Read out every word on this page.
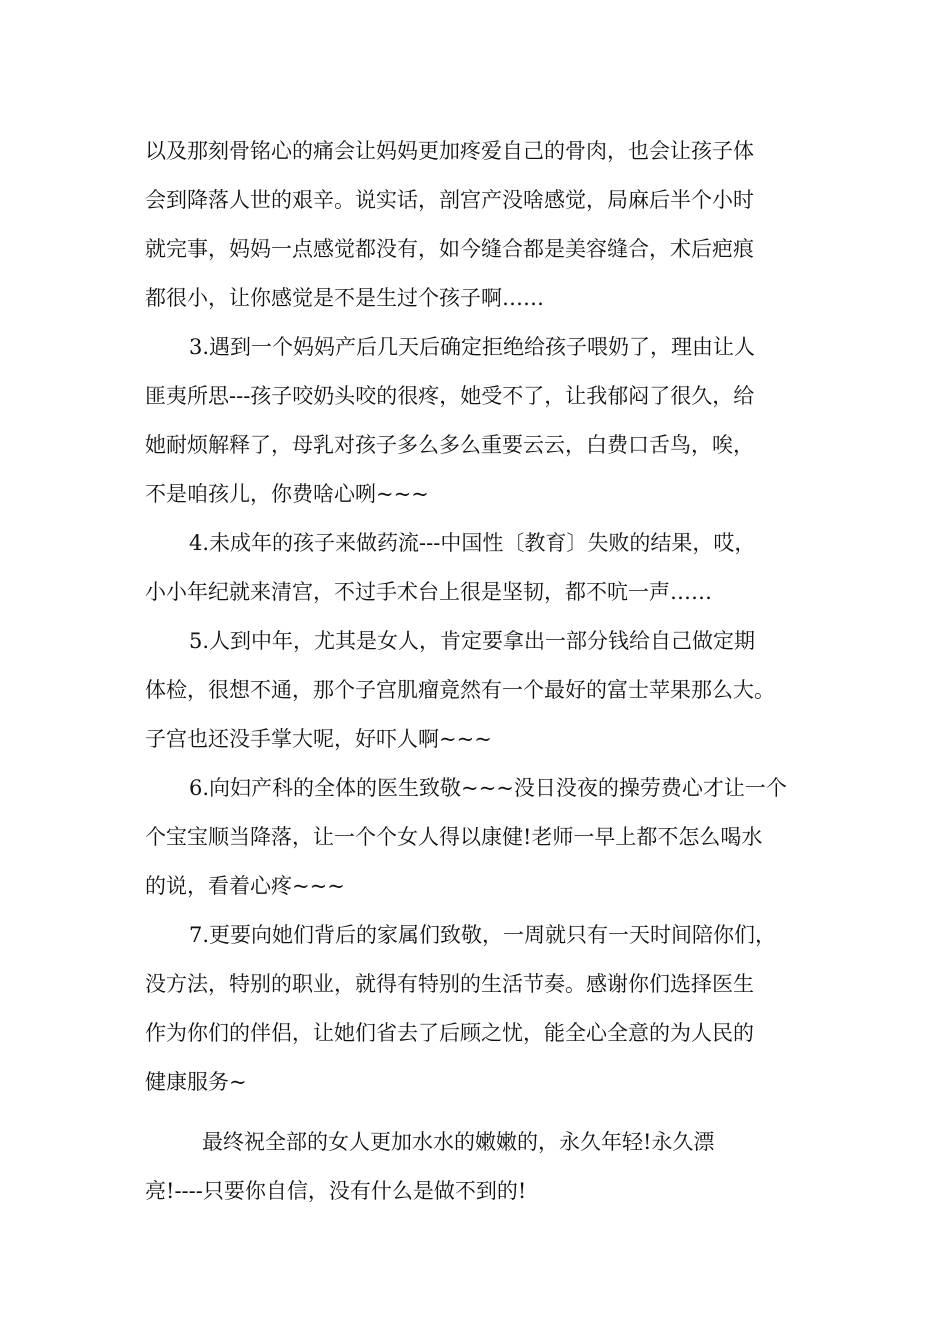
以及那刻骨铭心的痛会让妈妈更加疼爱自己的骨肉，也会让孩子体
会到降落人世的艰辛。说实话，剖宫产没啥感觉，局麻后半个小时
就完事，妈妈一点感觉都没有，如今缝合都是美容缝合，术后疤痕
都很小，让你感觉是不是生过个孩子啊……
3.遇到一个妈妈产后几天后确定拒绝给孩子喂奶了，理由让人
匪夷所思---孩子咬奶头咬的很疼，她受不了，让我郁闷了很久，给
她耐烦解释了，母乳对孩子多么多么重要云云，白费口舌鸟，唉，
不是咱孩儿，你费啥心咧~~~
4.未成年的孩子来做药流---中国性〔教育〕失败的结果，哎，
小小年纪就来清宫，不过手术台上很是坚韧，都不吭一声……
5.人到中年，尤其是女人，肯定要拿出一部分钱给自己做定期
体检，很想不通，那个子宫肌瘤竟然有一个最好的富士苹果那么大。
子宫也还没手掌大呢，好吓人啊~~~
6.向妇产科的全体的医生致敬~~~没日没夜的操劳费心才让一个
个宝宝顺当降落，让一个个女人得以康健!老师一早上都不怎么喝水
的说，看着心疼~~~
7.更要向她们背后的家属们致敬，一周就只有一天时间陪你们，
没方法，特别的职业，就得有特别的生活节奏。感谢你们选择医生
作为你们的伴侣，让她们省去了后顾之忧，能全心全意的为人民的
健康服务~
最终祝全部的女人更加水水的嫩嫩的，永久年轻!永久漂
亮!----只要你自信，没有什么是做不到的!
